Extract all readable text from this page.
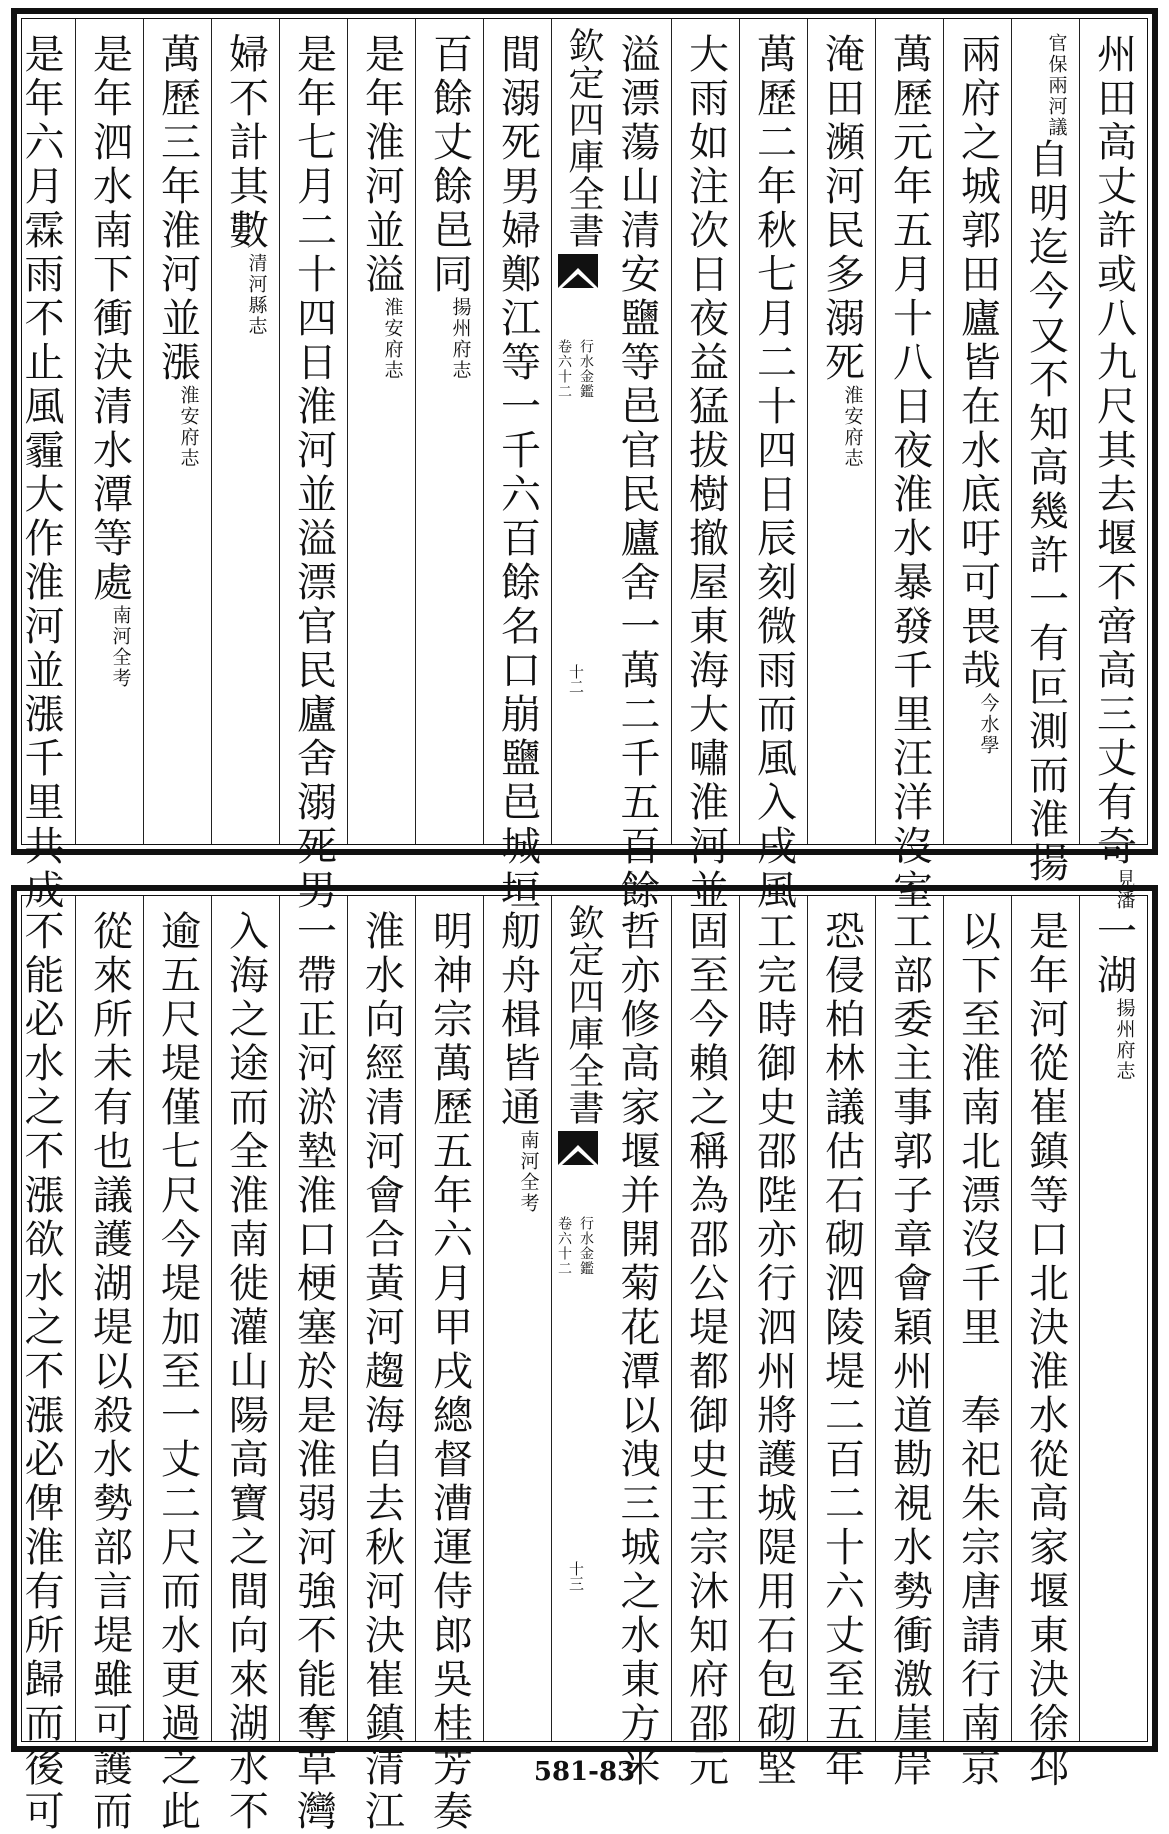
州田高丈許或八九尺其去堰不啻高三丈有奇見潘
官保兩河議自明迄今又不知高幾許一有叵測而淮揚
兩府之城郭田廬皆在水底吁可畏哉今水學
萬歷元年五月十八日夜淮水暴發千里汪洋沒室
淹田瀕河民多溺死淮安府志
萬歷二年秋七月二十四日辰刻微雨而風入戌風
大雨如注次日夜益猛拔樹撤屋東海大嘯淮河並
溢漂蕩山清安鹽等邑官民廬舍一萬二千五百餘
欽定四庫全書
行水金鑑
卷六十二
十二
間溺死男婦鄭江等一千六百餘名口崩鹽邑城垣
百餘丈餘邑同揚州府志
是年淮河並溢淮安府志
是年七月二十四日淮河並溢漂官民廬舍溺死男
婦不計其數清河縣志
萬歷三年淮河並漲淮安府志
是年泗水南下衝決清水潭等處南河全考
是年六月霖雨不止風霾大作淮河並漲千里共成
一湖揚州府志
是年河從崔鎮等口北決淮水從高家堰東決徐邳
以下至淮南北漂沒千里　奉祀朱宗唐請行南京
工部委主事郭子章會穎州道勘視水勢衝激崖岸
恐侵柏林議估石砌泗陵堤二百二十六丈至五年
工完時御史邵陛亦行泗州將護城隄用石包砌堅
固至今賴之稱為邵公堤都御史王宗沐知府邵元
哲亦修高家堰并開菊花潭以洩三城之水東方米
欽定四庫全書
行水金鑑
卷六十二
十三
舠舟楫皆通南河全考
明神宗萬歷五年六月甲戌總督漕運侍郎吳桂芳奏
淮水向經清河會合黃河趨海自去秋河決崔鎮清江
一帶正河淤墊淮口梗塞於是淮弱河強不能奪草灣
入海之途而全淮南徙灌山陽高寶之間向來湖水不
逾五尺堤僅七尺今堤加至一丈二尺而水更過之此
從來所未有也議護湖堤以殺水勢部言堤雖可護而
不能必水之不漲欲水之不漲必俾淮有所歸而後可	581-83
